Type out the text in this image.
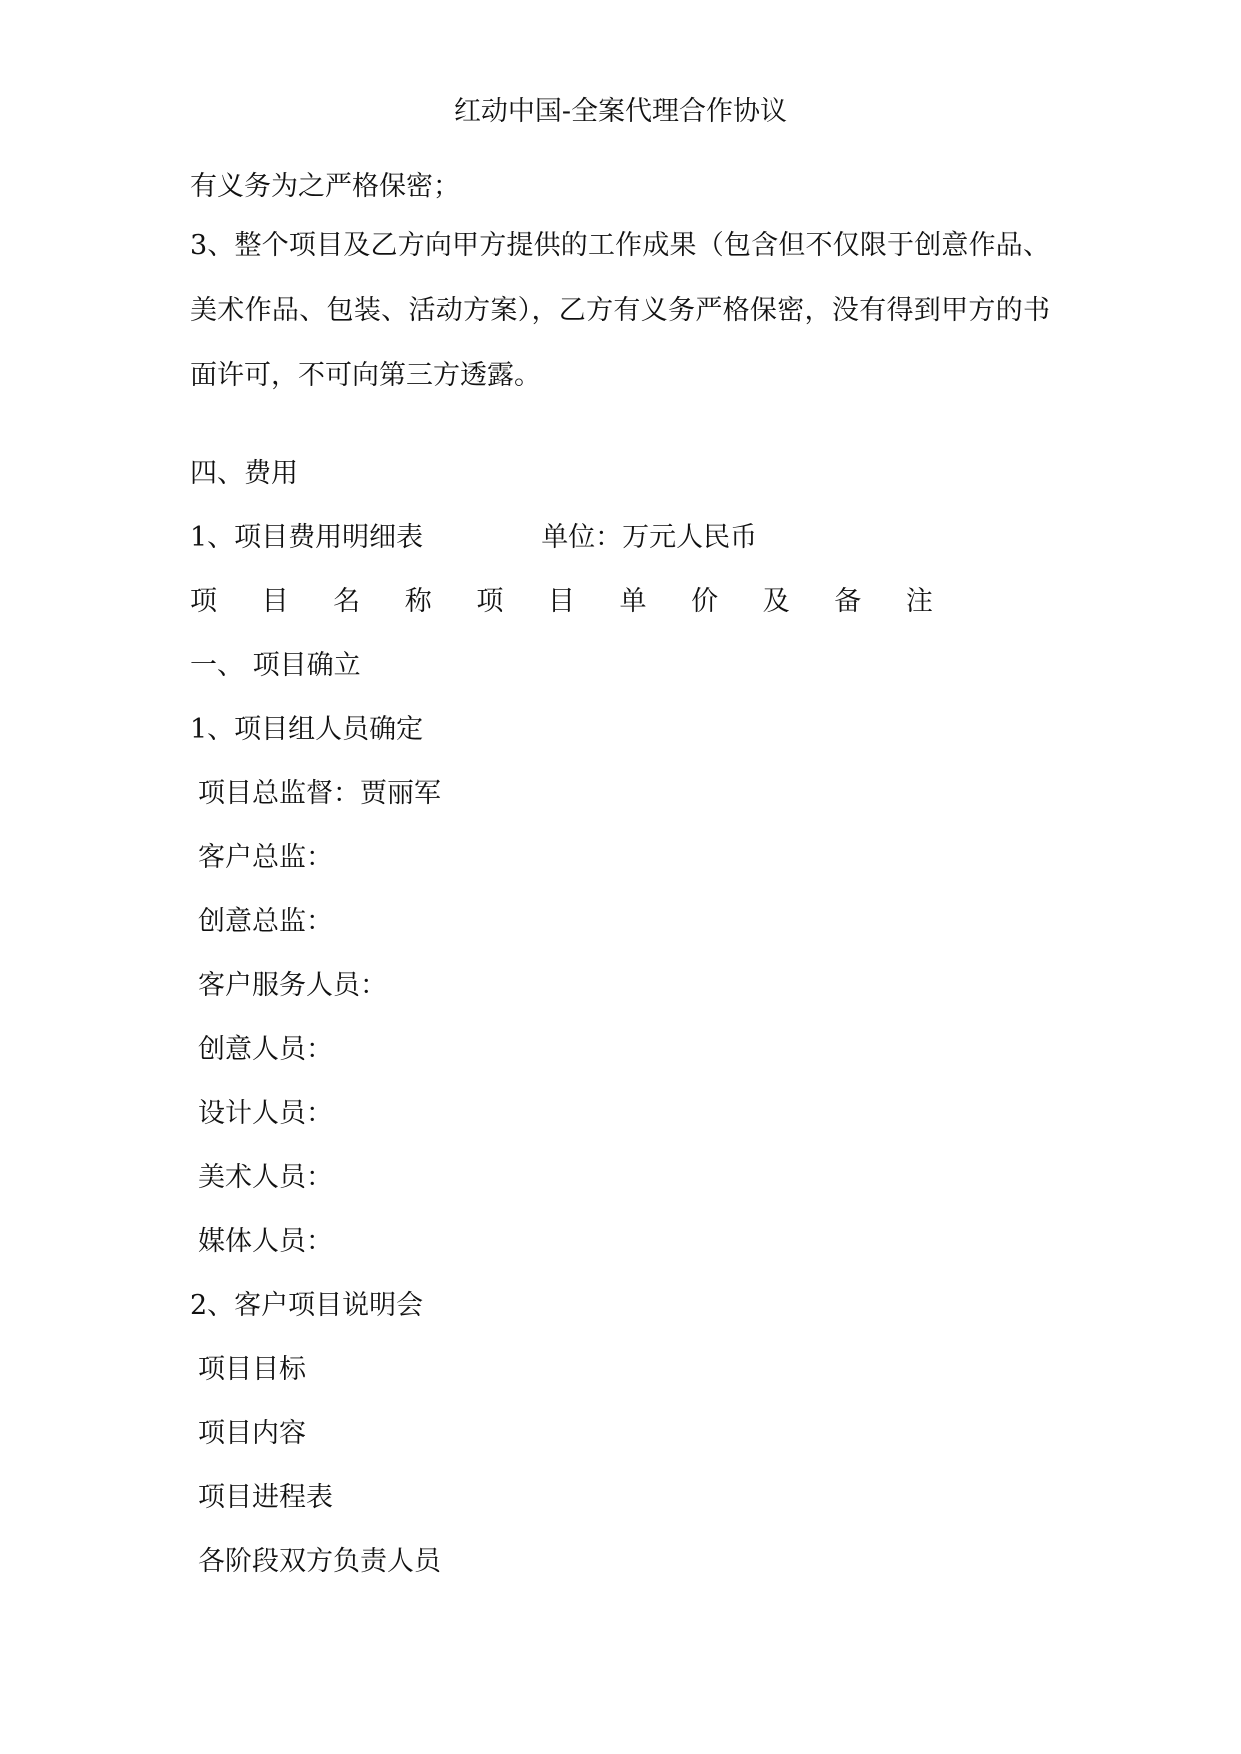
红动中国-全案代理合作协议
有义务为之严格保密；
3、整个项目及乙方向甲方提供的工作成果（包含但不仅限于创意作品、美术作品、包装、活动方案），乙方有义务严格保密，没有得到甲方的书面许可，不可向第三方透露。
四、费用
1、项目费用明细表	单位：万元人民币
项 目 名 称 项 目 单 价 及 备 注
一、 项目确立
1、项目组人员确定
项目总监督：贾丽军
客户总监：
创意总监：
客户服务人员：
创意人员：
设计人员：
美术人员：
媒体人员：
2、客户项目说明会
项目目标
项目内容
项目进程表
各阶段双方负责人员
